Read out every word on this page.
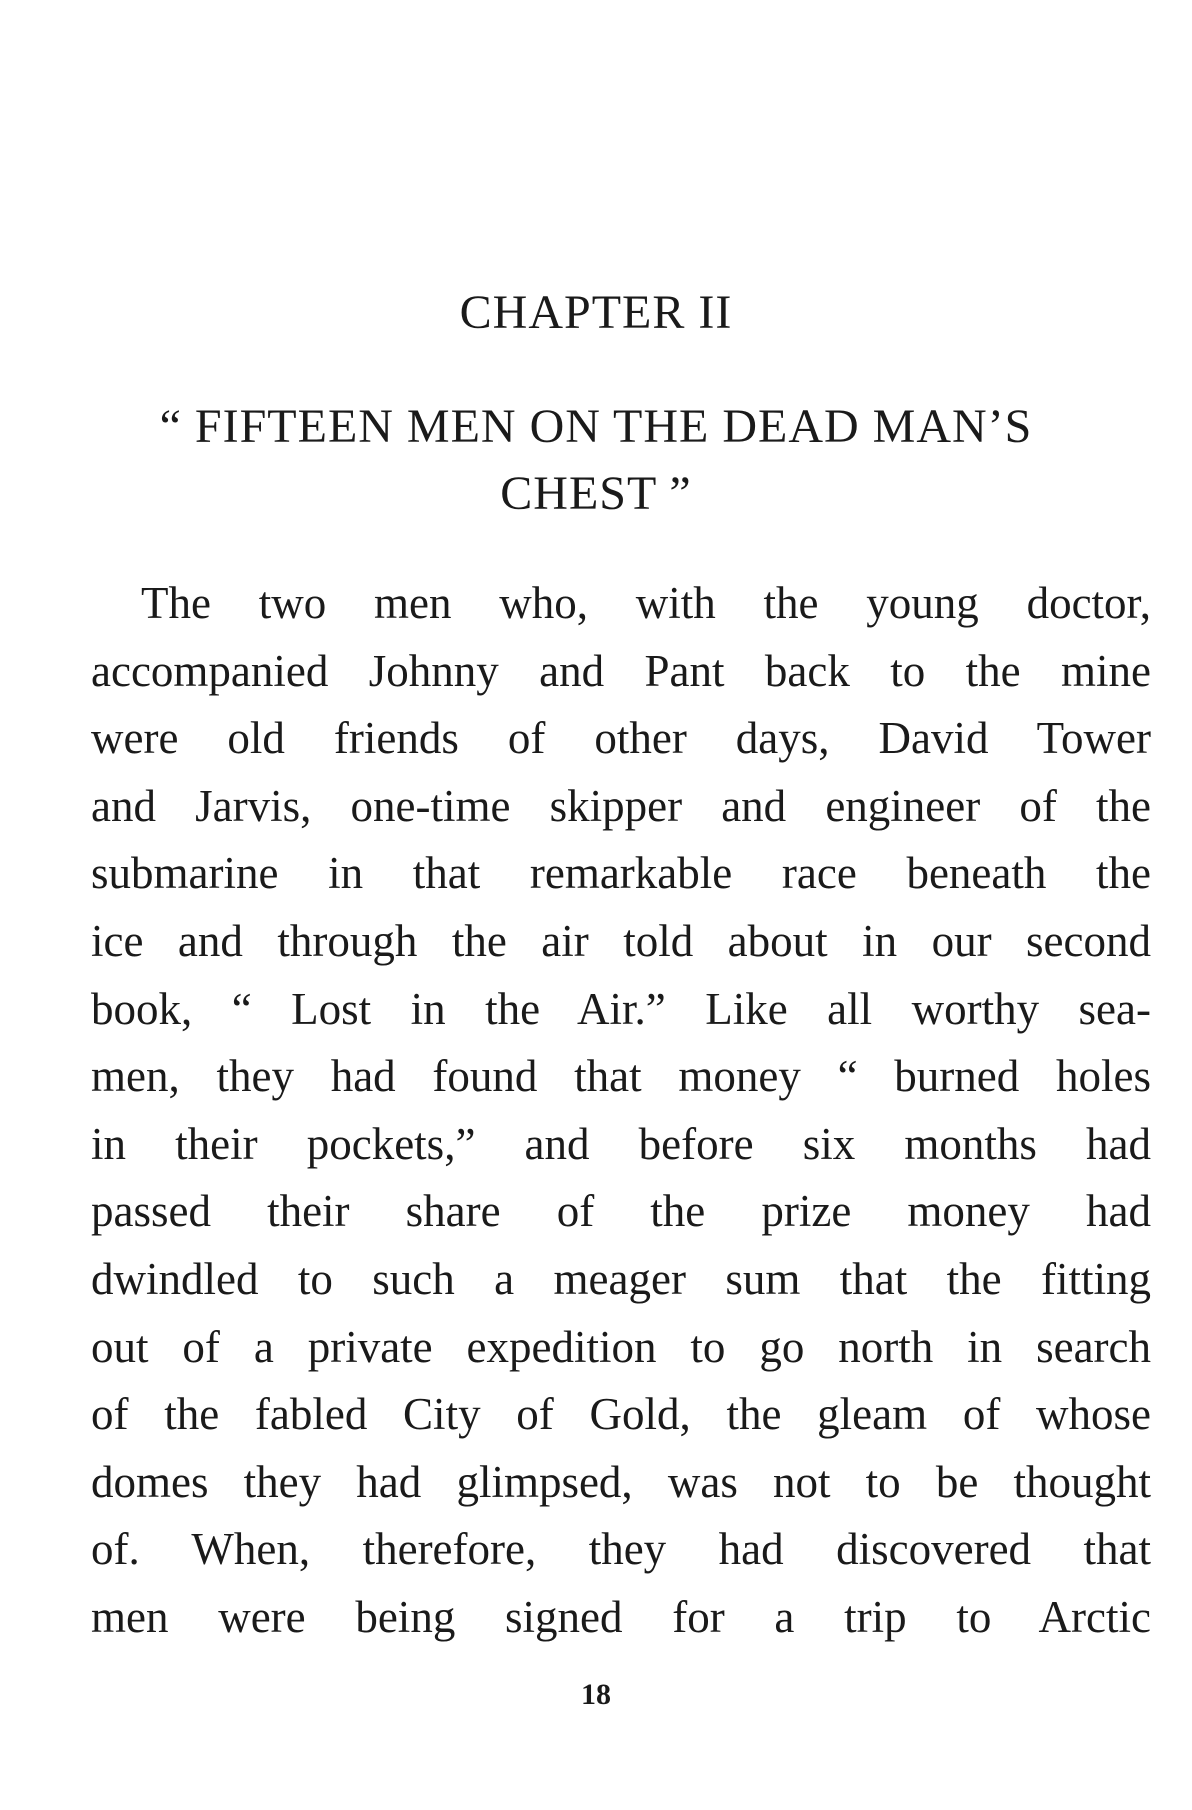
CHAPTER II
“ FIFTEEN MEN ON THE DEAD MAN’S
CHEST ”
The two men who, with the young doctor,
accompanied Johnny and Pant back to the mine
were old friends of other days, David Tower
and Jarvis, one-time skipper and engineer of the
submarine in that remarkable race beneath the
ice and through the air told about in our second
book, “ Lost in the Air.” Like all worthy sea-
men, they had found that money “ burned holes
in their pockets,” and before six months had
passed their share of the prize money had
dwindled to such a meager sum that the fitting
out of a private expedition to go north in search
of the fabled City of Gold, the gleam of whose
domes they had glimpsed, was not to be thought
of. When, therefore, they had discovered that
men were being signed for a trip to Arctic
18
